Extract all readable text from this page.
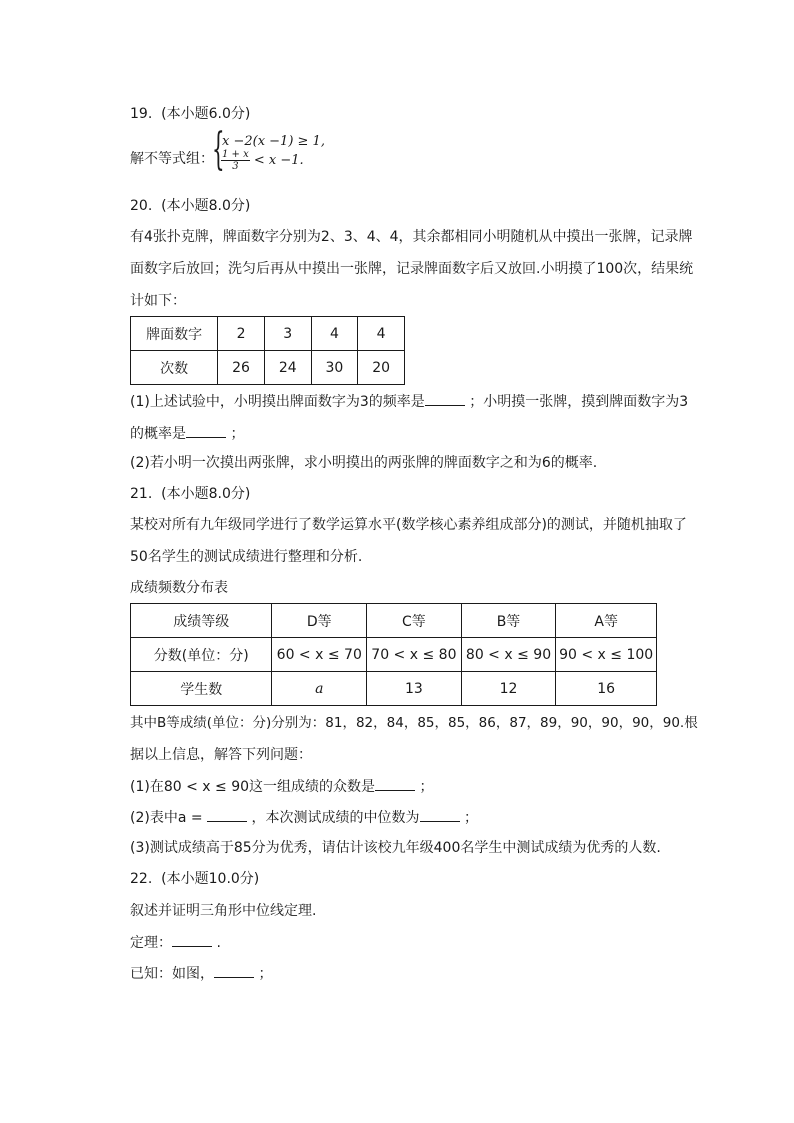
19.  (本小题6.0分)
解不等式组：
{
x −2(x −1) ≥ 1,
$\frac{1 + x}{3} < x -1$.
20.  (本小题8.0分)
有4张扑克牌，牌面数字分别为2、3、4、4，其余都相同小明随机从中摸出一张牌，记录牌
面数字后放回；洗匀后再从中摸出一张牌，记录牌面数字后又放回.小明摸了100次，结果统
计如下：
牌面数字	2	3	4	4
次数	26	24	30	20
(1)上述试验中，小明摸出牌面数字为3的频率是	；小明摸一张牌，摸到牌面数字为3
的概率是	；
(2)若小明一次摸出两张牌，求小明摸出的两张牌的牌面数字之和为6的概率.
21.  (本小题8.0分)
某校对所有九年级同学进行了数学运算水平(数学核心素养组成部分)的测试，并随机抽取了
50名学生的测试成绩进行整理和分析.
成绩频数分布表
成绩等级	D等	C等	B等	A等
分数(单位：分)	60 < x ≤ 70	70 < x ≤ 80	80 < x ≤ 90	90 < x ≤ 100
学生数	a	13	12	16
其中B等成绩(单位：分)分别为：81，82，84，85，85，86，87，89，90，90，90，90.根
据以上信息，解答下列问题：
(1)在80 < x ≤ 90这一组成绩的众数是	；
(2)表中a =	，本次测试成绩的中位数为	；
(3)测试成绩高于85分为优秀，请估计该校九年级400名学生中测试成绩为优秀的人数.
22.  (本小题10.0分)
叙述并证明三角形中位线定理.
定理：	.
已知：如图，	；
